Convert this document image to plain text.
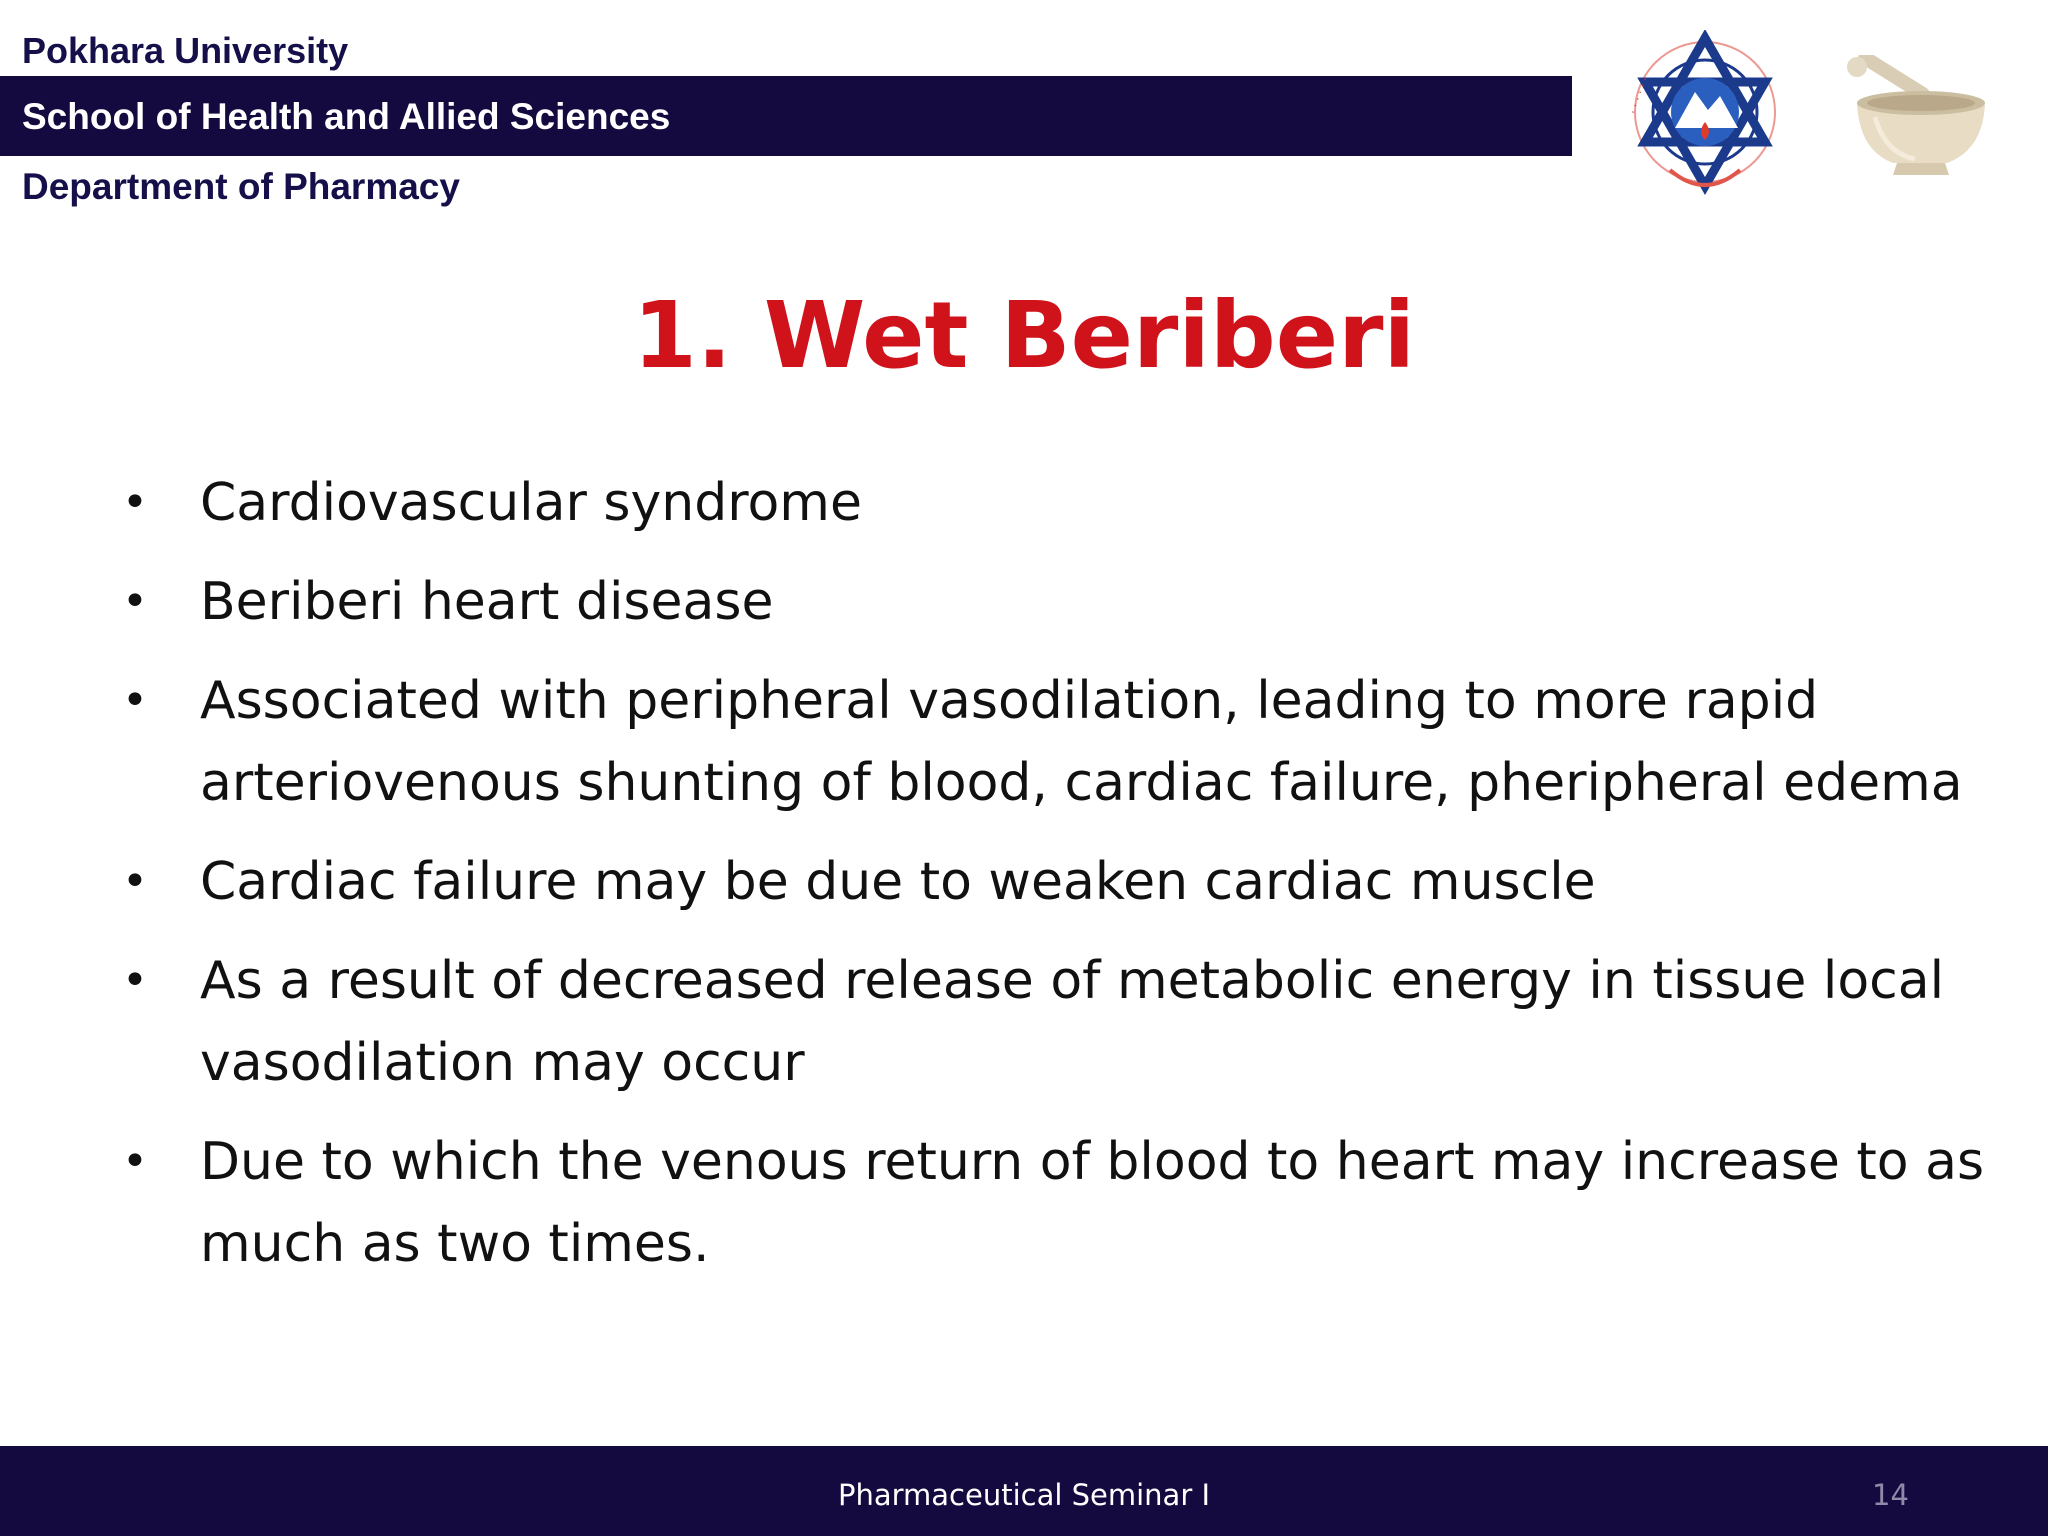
Pokhara University
School of Health and Allied Sciences
Department of Pharmacy
· · · · · ·
1. Wet Beriberi
• Cardiovascular syndrome
• Beriberi heart disease
• Associated with peripheral vasodilation, leading to more rapid arteriovenous shunting of blood, cardiac failure, pheripheral edema
• Cardiac failure may be due to weaken cardiac muscle
• As a result of decreased release of metabolic energy in tissue local vasodilation may occur
• Due to which the venous return of blood to heart may increase to as much as two times.
Pharmaceutical Seminar I	14
